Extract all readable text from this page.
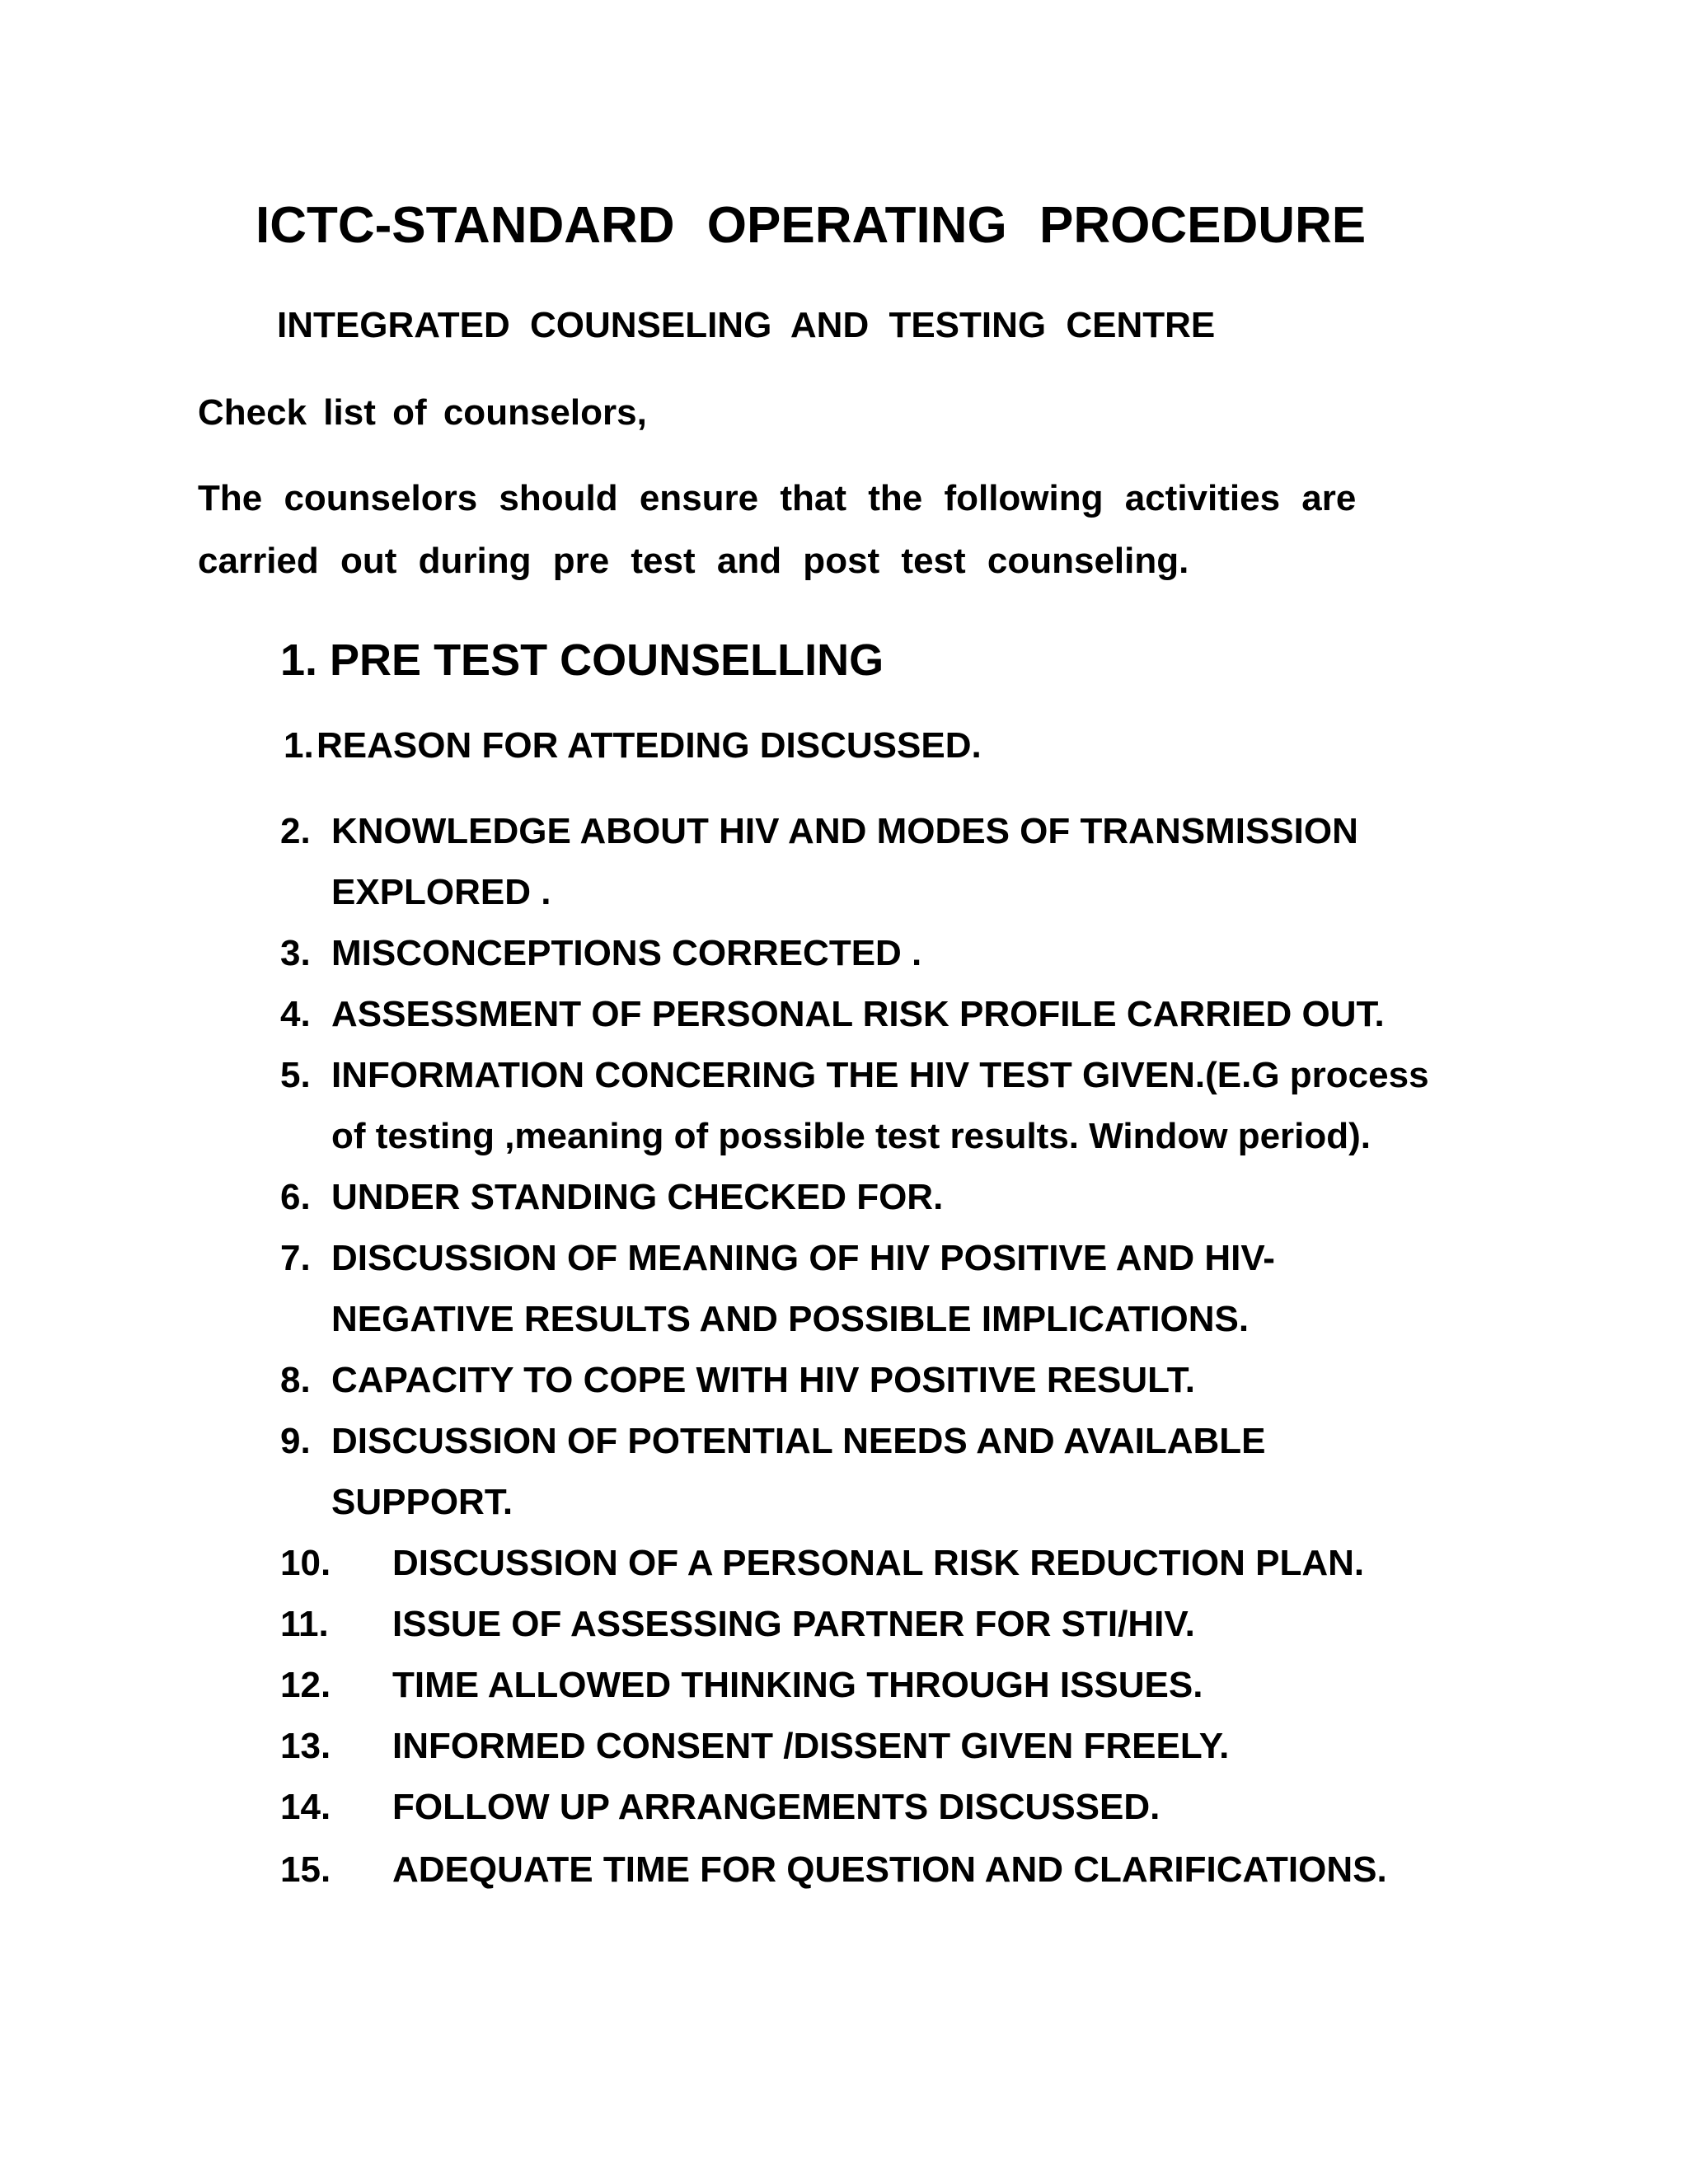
ICTC-STANDARD OPERATING PROCEDURE
INTEGRATED COUNSELING AND TESTING CENTRE
Check list of counselors,
The counselors should ensure that the following activities are
carried out during pre test and post test counseling.
1. PRE TEST COUNSELLING
1. REASON FOR ATTEDING DISCUSSED.
2. KNOWLEDGE ABOUT HIV AND MODES OF TRANSMISSION
EXPLORED .
3. MISCONCEPTIONS CORRECTED .
4. ASSESSMENT OF PERSONAL RISK PROFILE CARRIED OUT.
5. INFORMATION CONCERING THE HIV TEST GIVEN.(E.G process
of testing ,meaning of possible test results. Window period).
6. UNDER STANDING CHECKED FOR.
7. DISCUSSION OF MEANING OF HIV POSITIVE AND HIV-
NEGATIVE RESULTS AND POSSIBLE IMPLICATIONS.
8. CAPACITY TO COPE WITH HIV POSITIVE RESULT.
9. DISCUSSION OF POTENTIAL NEEDS AND AVAILABLE
SUPPORT.
10. DISCUSSION OF A PERSONAL RISK REDUCTION PLAN.
11. ISSUE OF ASSESSING PARTNER FOR STI/HIV.
12. TIME ALLOWED THINKING THROUGH ISSUES.
13. INFORMED CONSENT /DISSENT GIVEN FREELY.
14. FOLLOW UP ARRANGEMENTS DISCUSSED.
15. ADEQUATE TIME FOR QUESTION AND CLARIFICATIONS.
